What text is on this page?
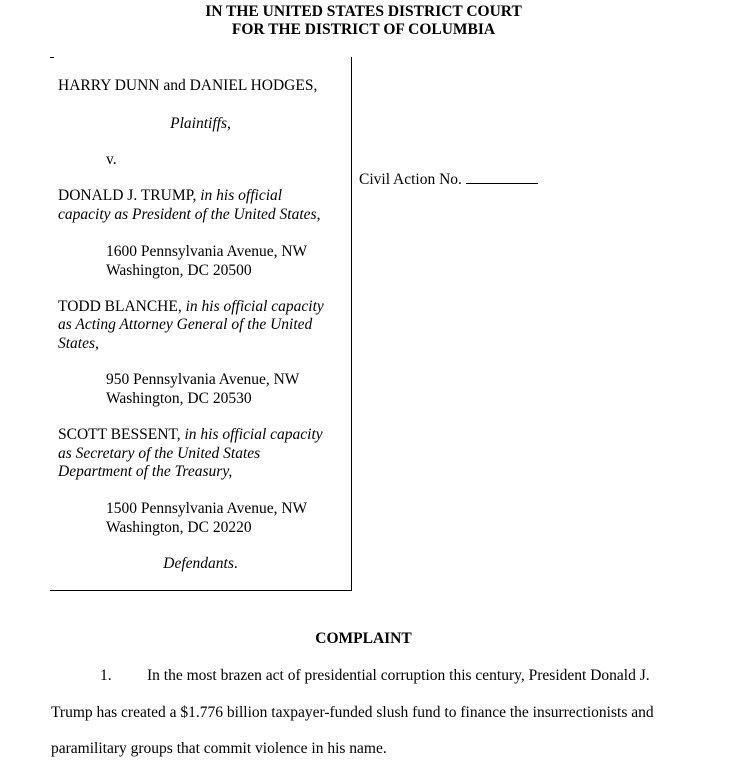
IN THE UNITED STATES DISTRICT COURT
FOR THE DISTRICT OF COLUMBIA
HARRY DUNN and DANIEL HODGES,
Plaintiffs,
v.
DONALD J. TRUMP, in his official
capacity as President of the United States,
1600 Pennsylvania Avenue, NW
Washington, DC 20500
TODD BLANCHE, in his official capacity
as Acting Attorney General of the United
States,
950 Pennsylvania Avenue, NW
Washington, DC 20530
SCOTT BESSENT, in his official capacity
as Secretary of the United States
Department of the Treasury,
1500 Pennsylvania Avenue, NW
Washington, DC 20220
Defendants.
Civil Action No.
COMPLAINT
1. In the most brazen act of presidential corruption this century, President Donald J.
Trump has created a $1.776 billion taxpayer-funded slush fund to finance the insurrectionists and
paramilitary groups that commit violence in his name.
